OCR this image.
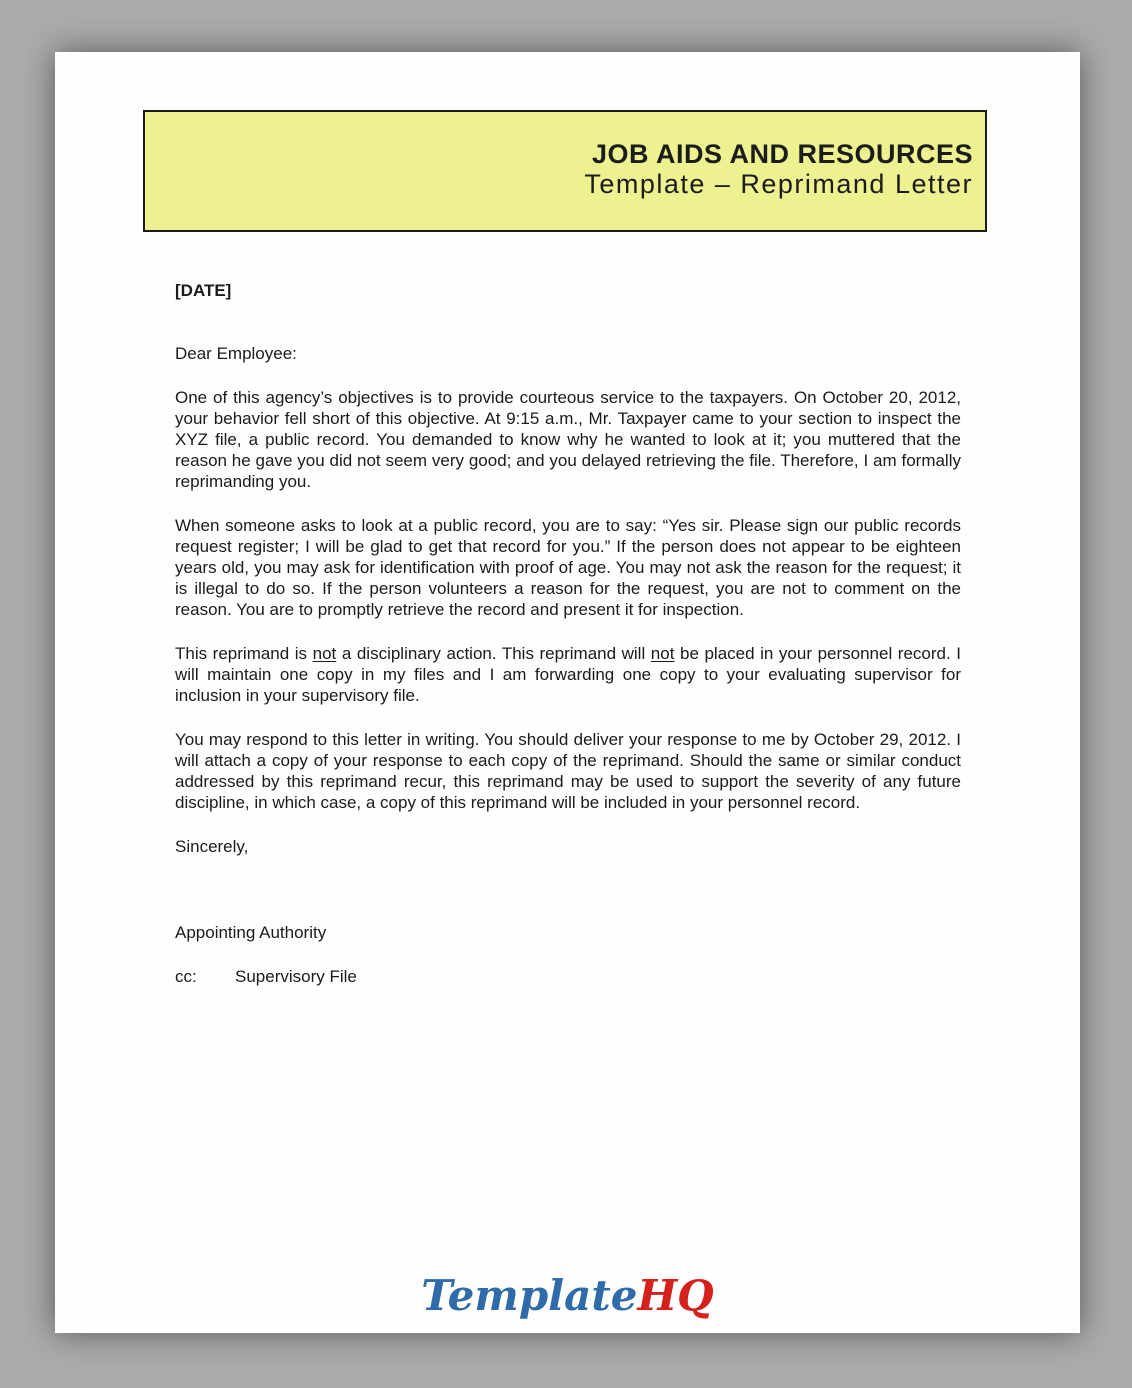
JOB AIDS AND RESOURCES
Template – Reprimand Letter

[DATE]

Dear Employee:

One of this agency’s objectives is to provide courteous service to the taxpayers. On October 20, 2012, your behavior fell short of this objective. At 9:15 a.m., Mr. Taxpayer came to your section to inspect the XYZ file, a public record. You demanded to know why he wanted to look at it; you muttered that the reason he gave you did not seem very good; and you delayed retrieving the file. Therefore, I am formally reprimanding you.

When someone asks to look at a public record, you are to say: “Yes sir. Please sign our public records request register; I will be glad to get that record for you.” If the person does not appear to be eighteen years old, you may ask for identification with proof of age. You may not ask the reason for the request; it is illegal to do so. If the person volunteers a reason for the request, you are not to comment on the reason. You are to promptly retrieve the record and present it for inspection.

This reprimand is not a disciplinary action. This reprimand will not be placed in your personnel record. I will maintain one copy in my files and I am forwarding one copy to your evaluating supervisor for inclusion in your supervisory file.

You may respond to this letter in writing. You should deliver your response to me by October 29, 2012. I will attach a copy of your response to each copy of the reprimand. Should the same or similar conduct addressed by this reprimand recur, this reprimand may be used to support the severity of any future discipline, in which case, a copy of this reprimand will be included in your personnel record.

Sincerely,

Appointing Authority

cc: Supervisory File

TemplateHQ
